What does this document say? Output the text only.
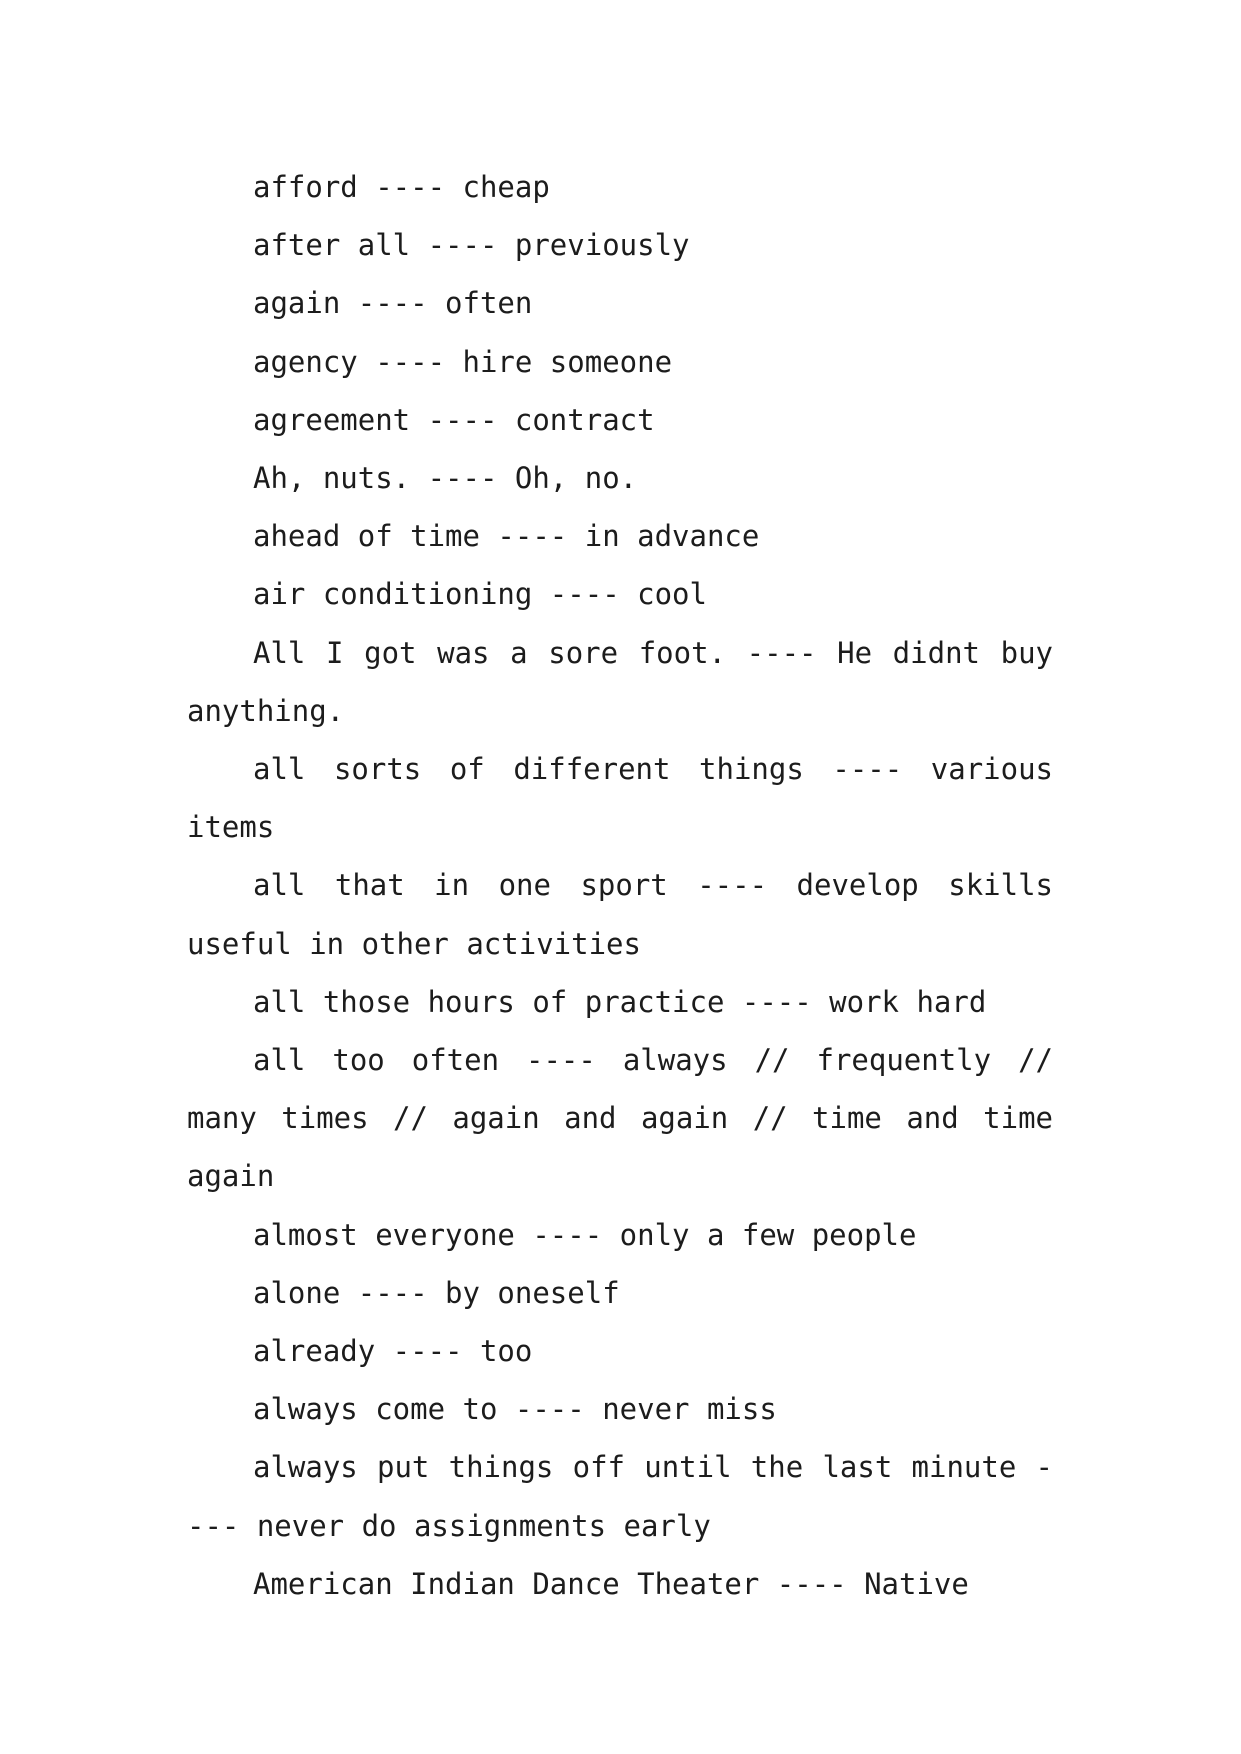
afford ---- cheap
after all ---- previously
again ---- often
agency ---- hire someone
agreement ---- contract
Ah, nuts. ---- Oh, no.
ahead of time ---- in advance
air conditioning ---- cool
All I got was a sore foot. ---- He didnt buy anything.
all sorts of different things ---- various items
all that in one sport ---- develop skills useful in other activities
all those hours of practice ---- work hard
all too often ---- always // frequently // many times // again and again // time and time again
almost everyone ---- only a few people
alone ---- by oneself
already ---- too
always come to ---- never miss
always put things off until the last minute ---- never do assignments early
American Indian Dance Theater ---- Native
